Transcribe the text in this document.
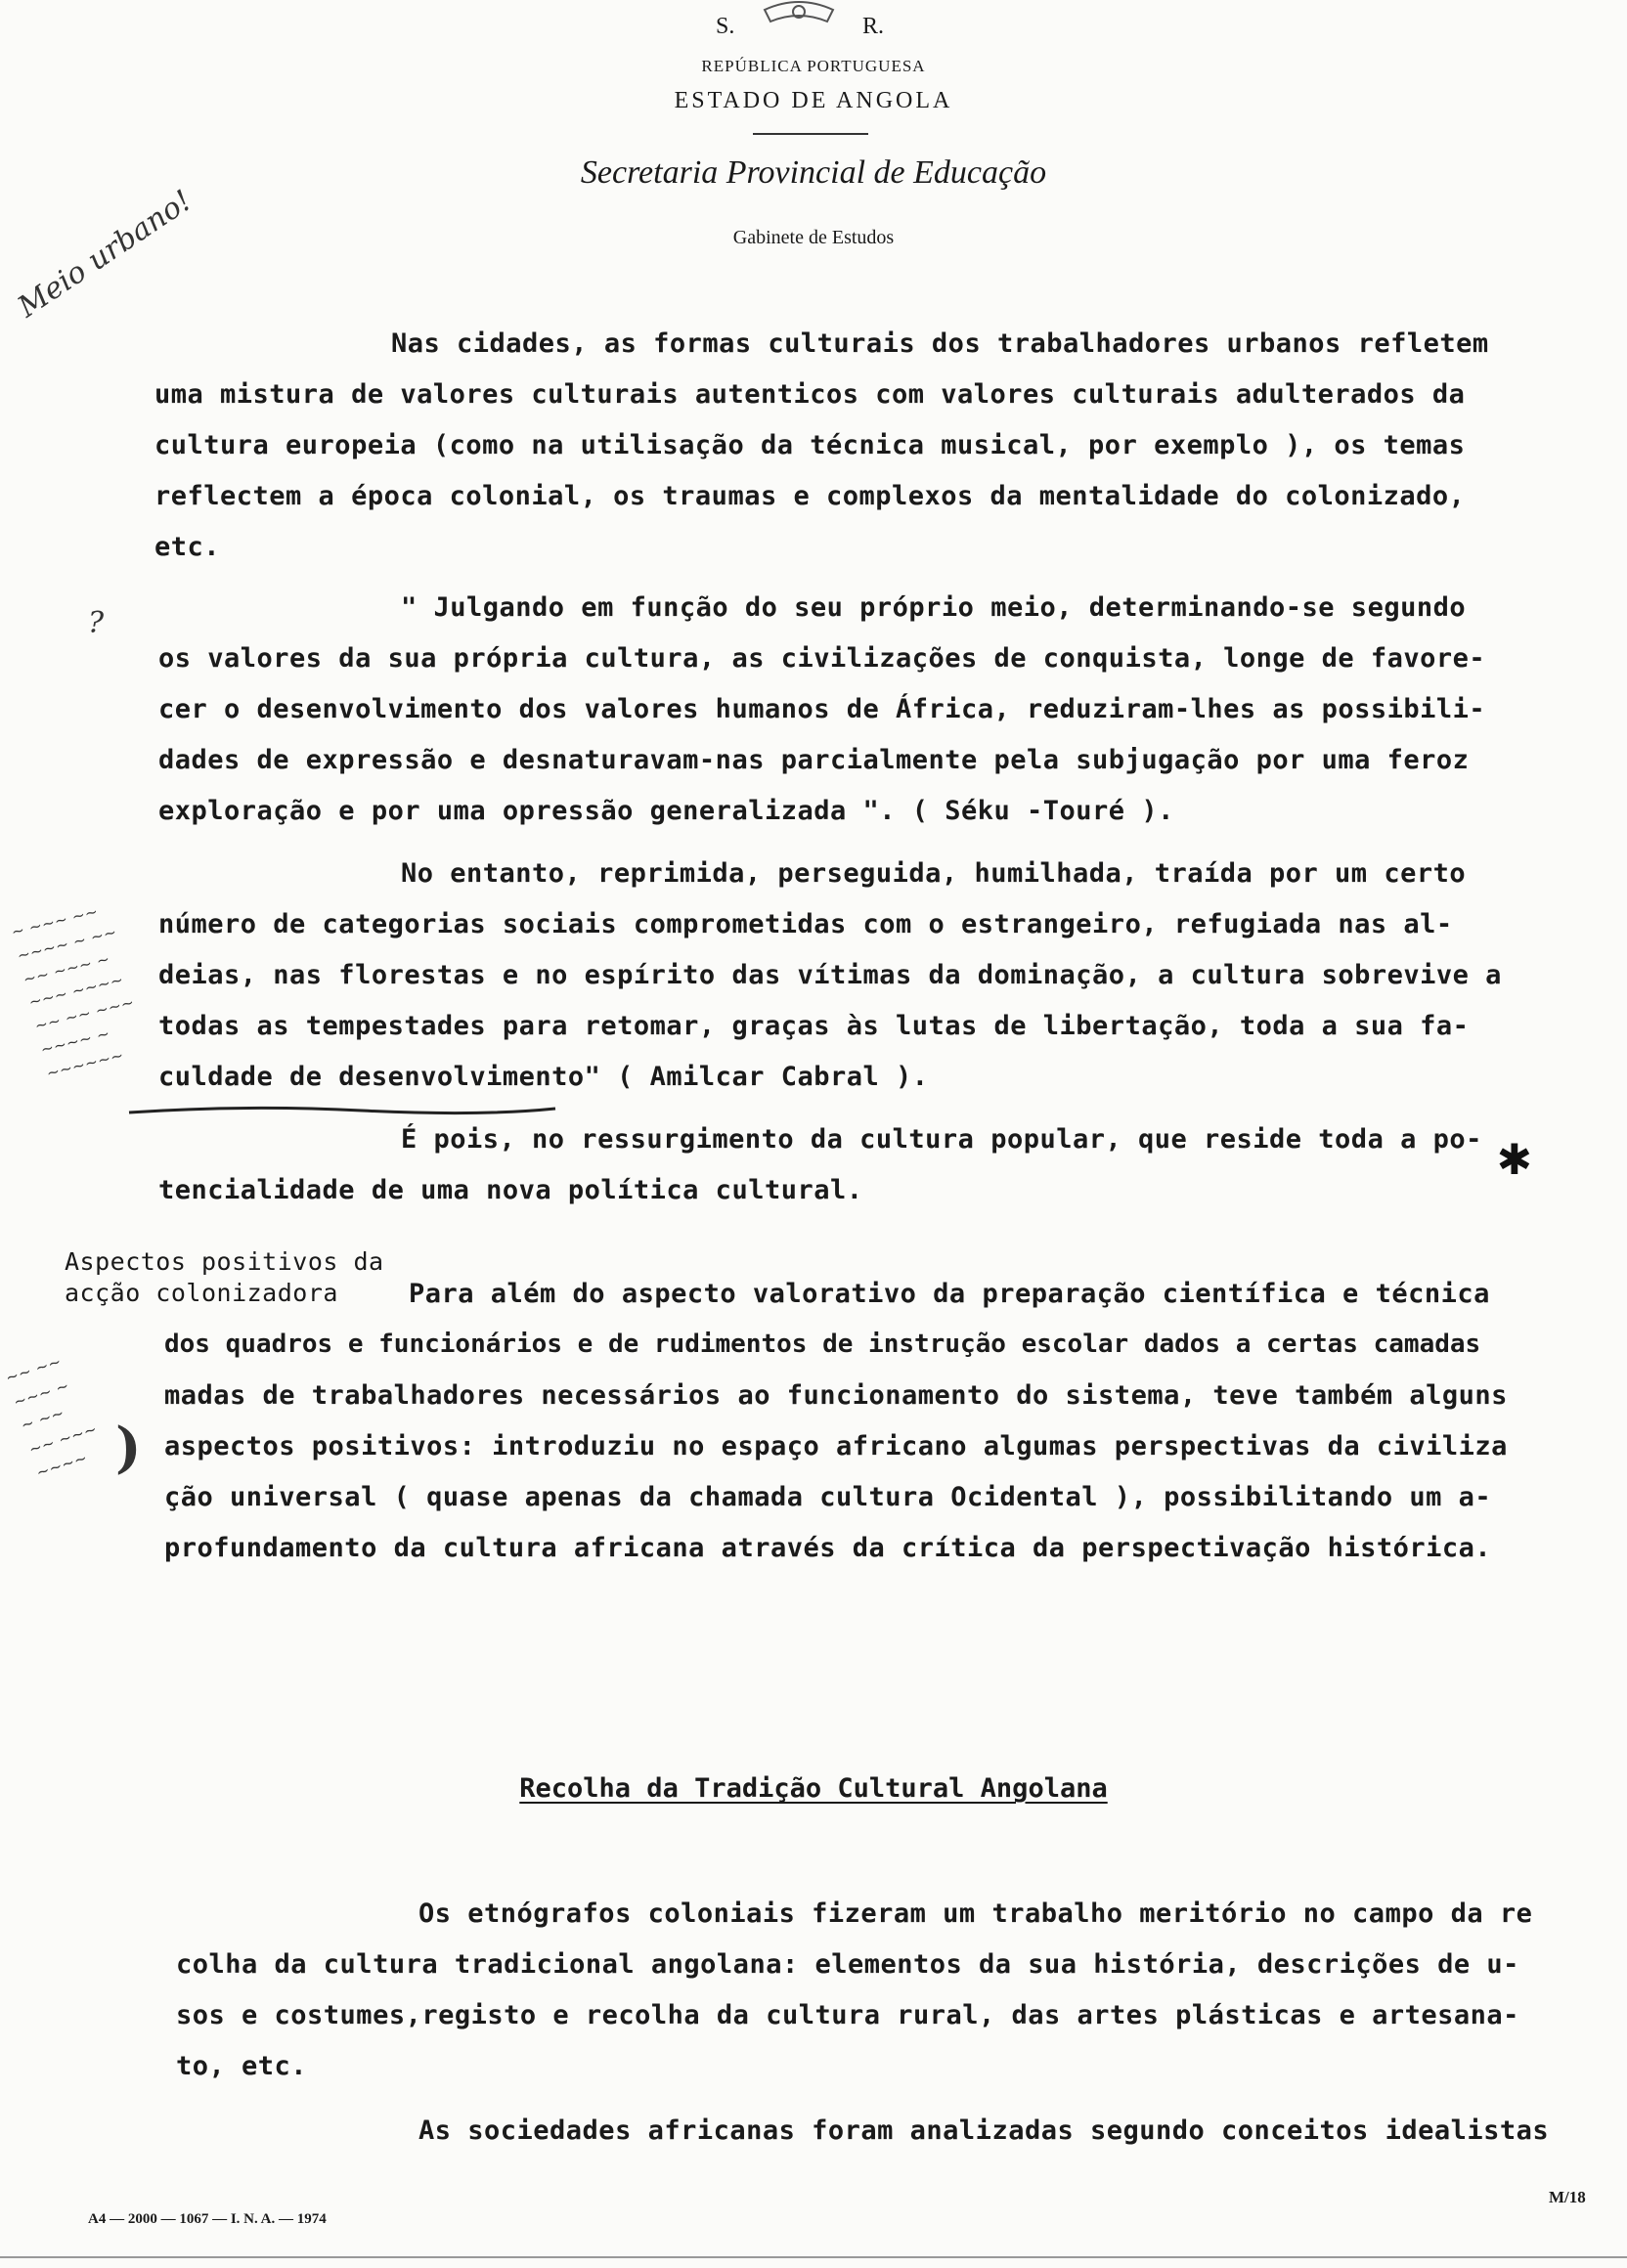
S.	R.
REPÚBLICA PORTUGUESA
ESTADO DE ANGOLA
Secretaria Provincial de Educação
Gabinete de Estudos
Meio urbano!
?
~ ~~~ ~~
~~~~ ~ ~~
~~ ~~~ ~
~~~ ~~~~
~~ ~~ ~~~
~~~~ ~
~~~~~~
~~ ~~
~~~ ~
~ ~~
~~ ~~~
~~~~ )
✱
Nas cidades, as formas culturais dos trabalhadores urbanos refletem
uma mistura de valores culturais autenticos com valores culturais adulterados da
cultura europeia (como na utilisação da técnica musical, por exemplo ), os temas
reflectem a época colonial, os traumas e complexos da mentalidade do colonizado,
etc.
" Julgando em função do seu próprio meio, determinando-se segundo
os valores da sua própria cultura, as civilizações de conquista, longe de favore-
cer o desenvolvimento dos valores humanos de África, reduziram-lhes as possibili-
dades de expressão e desnaturavam-nas parcialmente pela subjugação por uma feroz
exploração e por uma opressão generalizada ". ( Séku -Touré ).
No entanto, reprimida, perseguida, humilhada, traída por um certo
número de categorias sociais comprometidas com o estrangeiro, refugiada nas al-
deias, nas florestas e no espírito das vítimas da dominação, a cultura sobrevive a
todas as tempestades para retomar, graças às lutas de libertação, toda a sua fa-
culdade de desenvolvimento" ( Amilcar Cabral ).
É pois, no ressurgimento da cultura popular, que reside toda a po-
tencialidade de uma nova política cultural.
Aspectos positivos da
acção colonizadora	Para além do aspecto valorativo da preparação científica e técnica
dos quadros e funcionários e de rudimentos de instrução escolar dados a certas camadas
madas de trabalhadores necessários ao funcionamento do sistema, teve também alguns
aspectos positivos: introduziu no espaço africano algumas perspectivas da civiliza
ção universal ( quase apenas da chamada cultura Ocidental ), possibilitando um a-
profundamento da cultura africana através da crítica da perspectivação histórica.
Recolha da Tradição Cultural Angolana
Os etnógrafos coloniais fizeram um trabalho meritório no campo da re
colha da cultura tradicional angolana: elementos da sua história, descrições de u-
sos e costumes,registo e recolha da cultura rural, das artes plásticas e artesana-
to, etc.
As sociedades africanas foram analizadas segundo conceitos idealistas
A4 — 2000 — 1067 — I. N. A. — 1974
M/18
